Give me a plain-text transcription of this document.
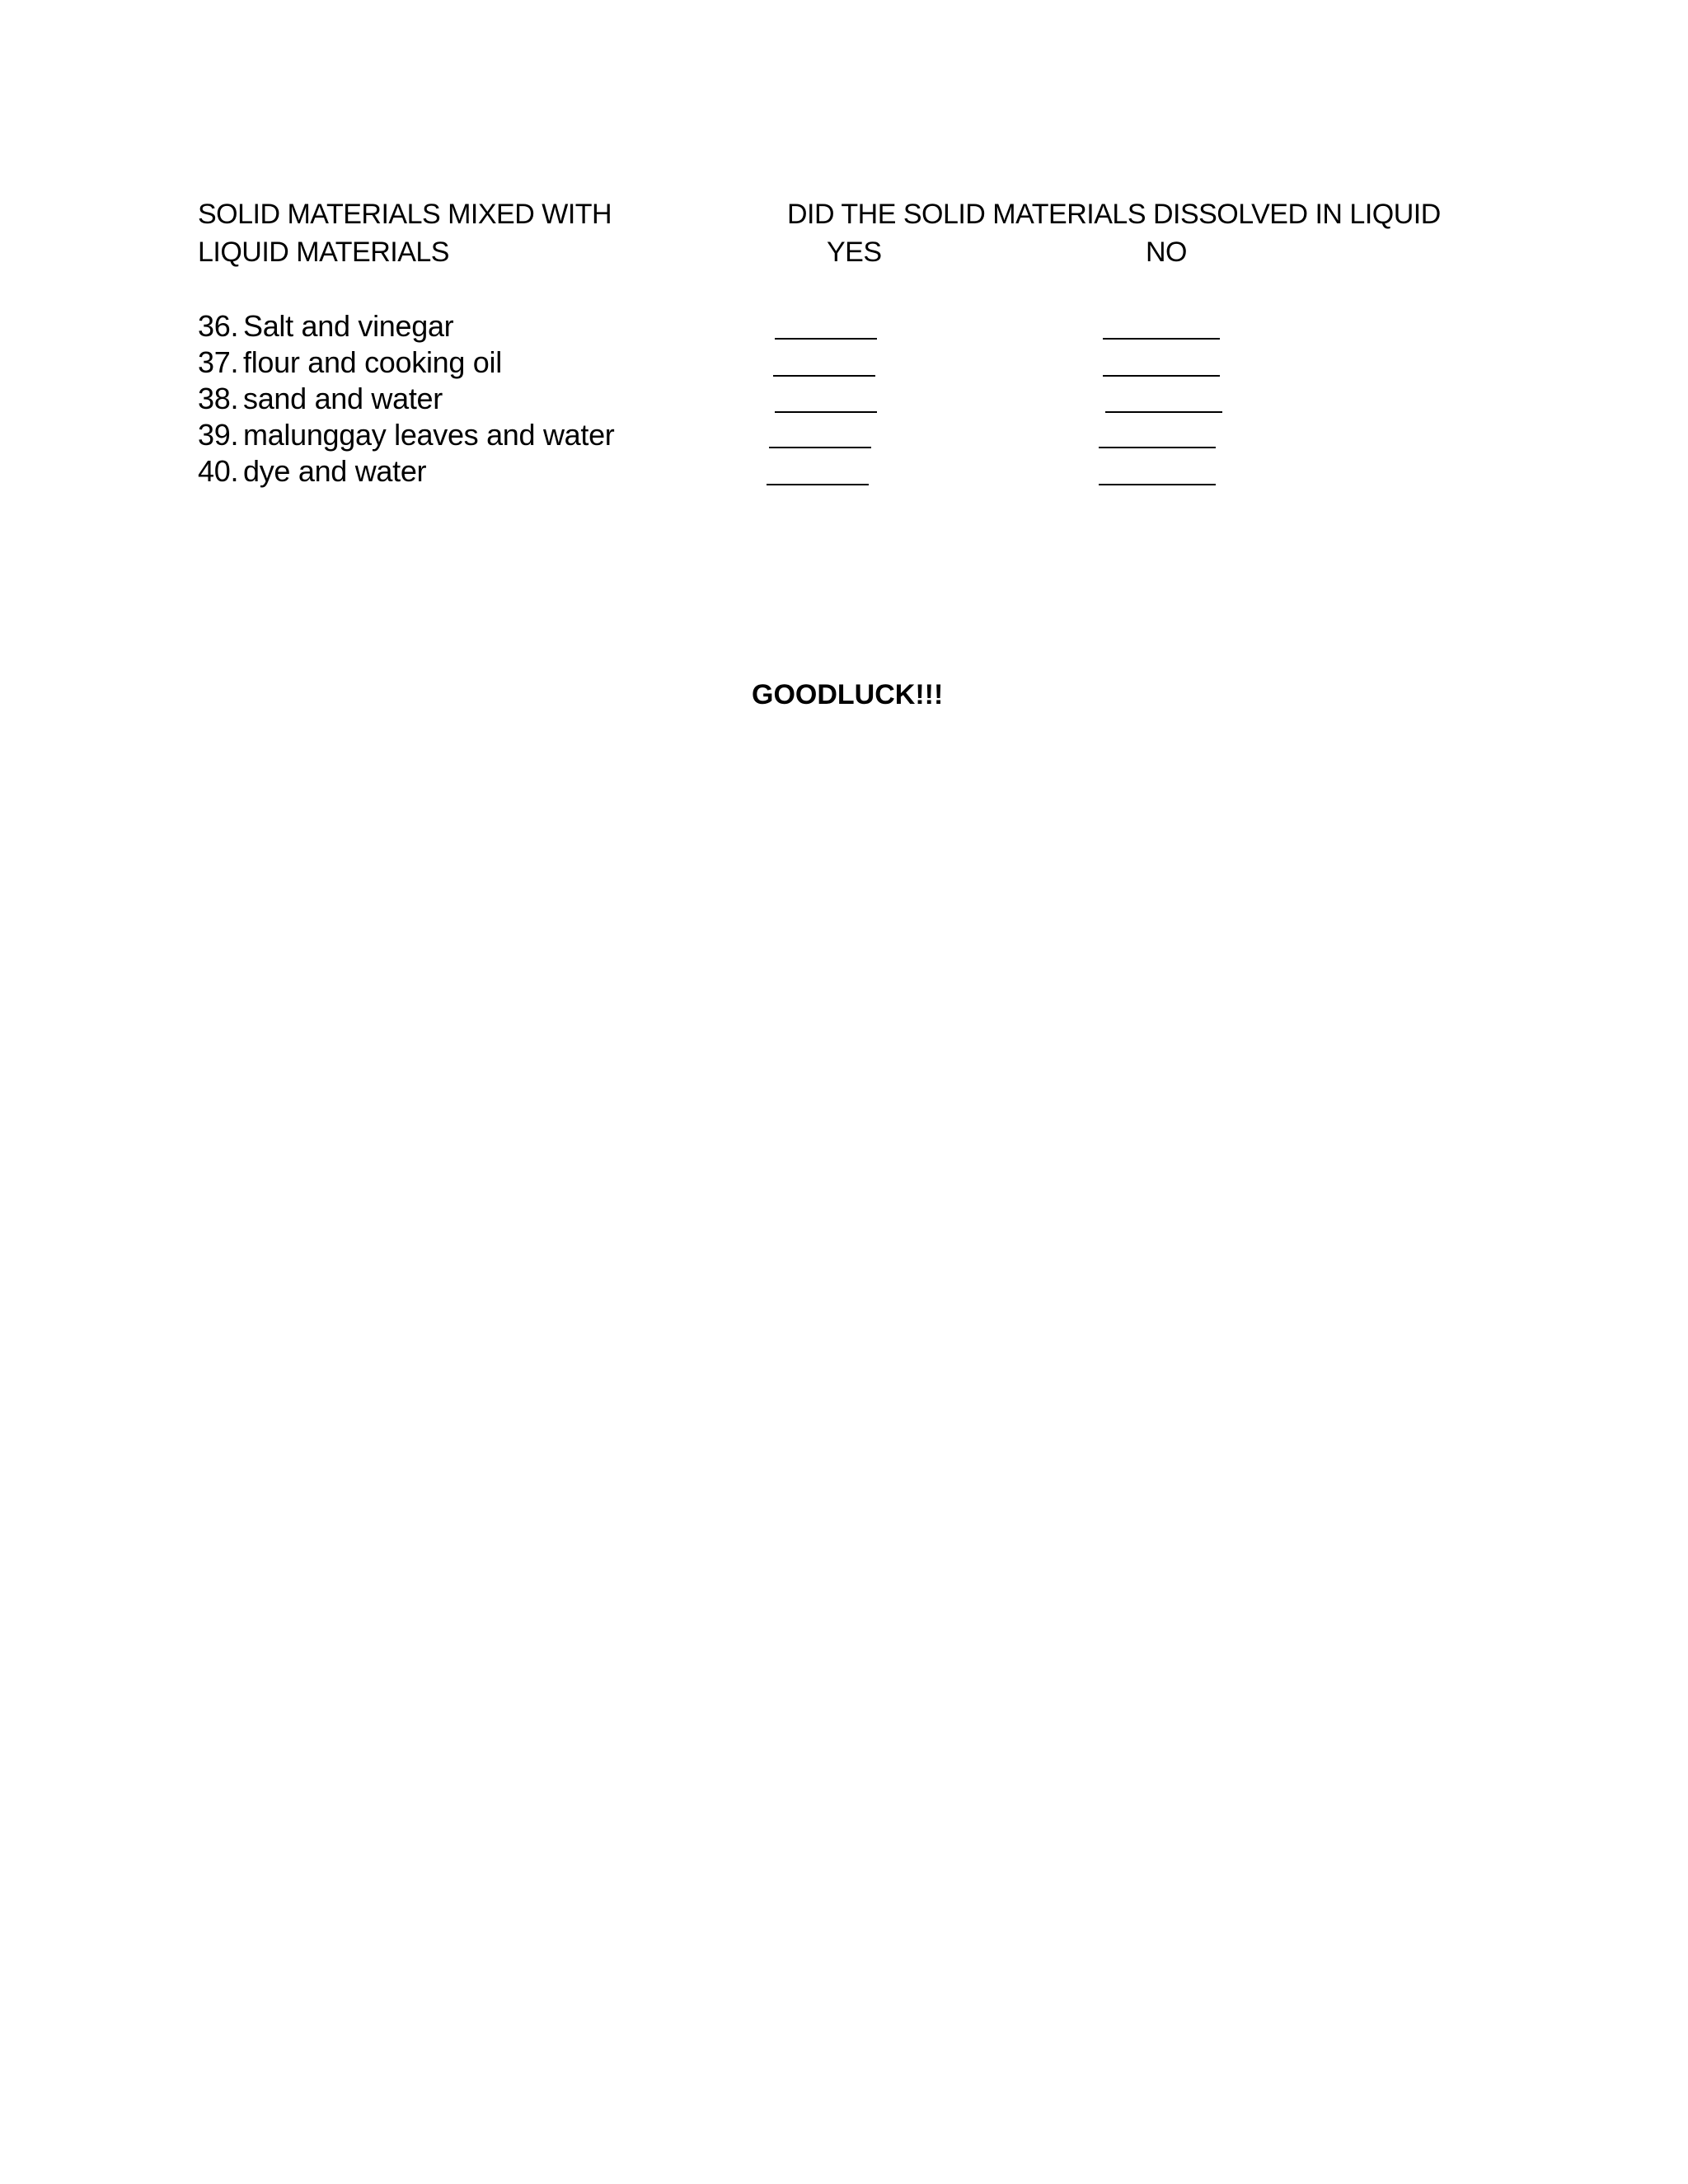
SOLID MATERIALS MIXED WITH
LIQUID MATERIALS
DID THE SOLID MATERIALS DISSOLVED IN LIQUID
YES	NO
36. Salt and vinegar
37. flour and cooking oil
38. sand and water
39. malunggay leaves and water
40. dye and water
GOODLUCK!!!
